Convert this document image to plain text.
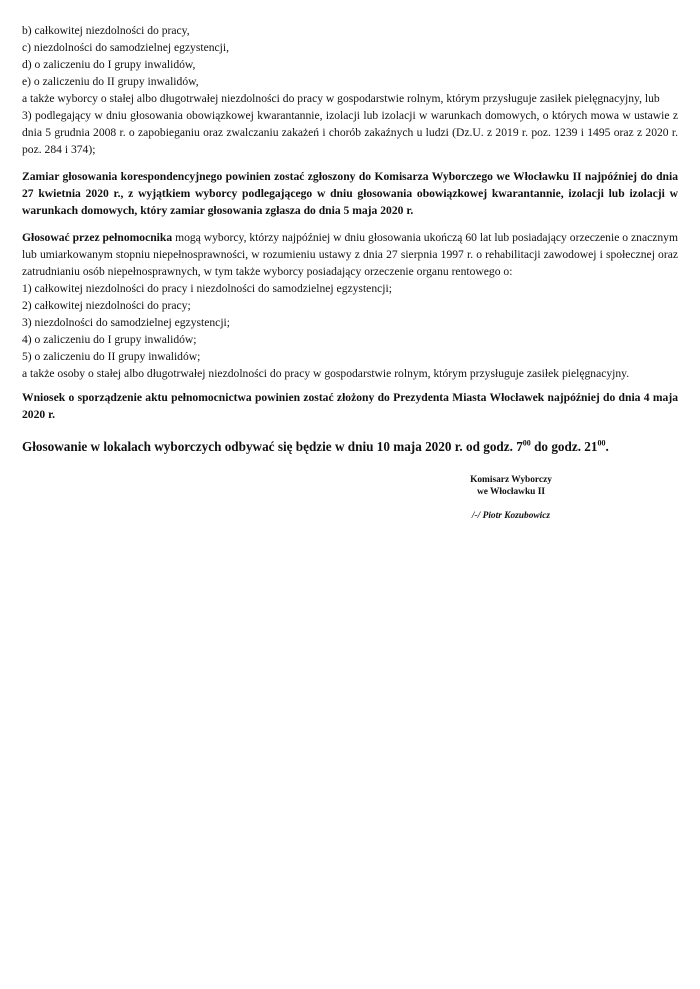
b) całkowitej niezdolności do pracy,

c) niezdolności do samodzielnej egzystencji,

d) o zaliczeniu do I grupy inwalidów,

e) o zaliczeniu do II grupy inwalidów,

a także wyborcy o stałej albo długotrwałej niezdolności do pracy w gospodarstwie rolnym, którym przysługuje zasiłek pielęgnacyjny, lub

3) podlegający w dniu głosowania obowiązkowej kwarantannie, izolacji lub izolacji w warunkach domowych, o których mowa w ustawie z dnia 5 grudnia 2008 r. o zapobieganiu oraz zwalczaniu zakażeń i chorób zakaźnych u ludzi (Dz.U. z 2019 r. poz. 1239 i 1495 oraz z 2020 r. poz. 284 i 374);

Zamiar głosowania korespondencyjnego powinien zostać zgłoszony do Komisarza Wyborczego we Włocławku II najpóźniej do dnia 27 kwietnia 2020 r., z wyjątkiem wyborcy podlegającego w dniu głosowania obowiązkowej kwarantannie, izolacji lub izolacji w warunkach domowych, który zamiar głosowania zgłasza do dnia 5 maja 2020 r.

Głosować przez pełnomocnika mogą wyborcy, którzy najpóźniej w dniu głosowania ukończą 60 lat lub posiadający orzeczenie o znacznym lub umiarkowanym stopniu niepełnosprawności, w rozumieniu ustawy z dnia 27 sierpnia 1997 r. o rehabilitacji zawodowej i społecznej oraz zatrudnianiu osób niepełnosprawnych, w tym także wyborcy posiadający orzeczenie organu rentowego o:

1) całkowitej niezdolności do pracy i niezdolności do samodzielnej egzystencji;

2) całkowitej niezdolności do pracy;

3) niezdolności do samodzielnej egzystencji;

4) o zaliczeniu do I grupy inwalidów;

5) o zaliczeniu do II grupy inwalidów;

a także osoby o stałej albo długotrwałej niezdolności do pracy w gospodarstwie rolnym, którym przysługuje zasiłek pielęgnacyjny.

Wniosek o sporządzenie aktu pełnomocnictwa powinien zostać złożony do Prezydenta Miasta Włocławek najpóźniej do dnia 4 maja 2020 r.

Głosowanie w lokalach wyborczych odbywać się będzie w dniu 10 maja 2020 r. od godz. $7^{00}$ do godz. $21^{00}$.

Komisarz Wyborczy
we Włocławku II
/-/ Piotr Kozubowicz
